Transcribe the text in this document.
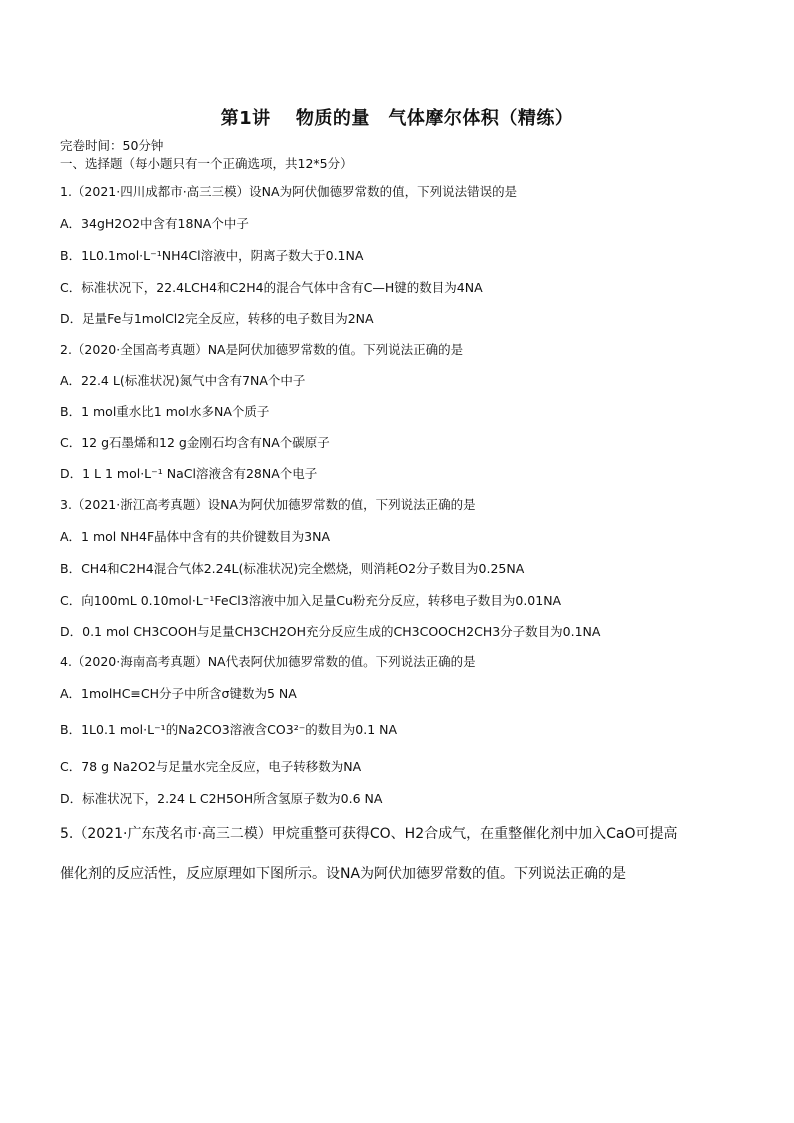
第1讲　 物质的量　气体摩尔体积（精练）
完卷时间：50分钟
一、选择题（每小题只有一个正确选项，共12*5分）
1.（2021·四川成都市·高三三模）设NA为阿伏伽德罗常数的值，下列说法错误的是
A．34gH2O2中含有18NA个中子
B．1L0.1mol·L⁻¹NH4Cl溶液中，阴离子数大于0.1NA
C．标准状况下，22.4LCH4和C2H4的混合气体中含有C—H键的数目为4NA
D．足量Fe与1molCl2完全反应，转移的电子数目为2NA
2.（2020·全国高考真题）NA是阿伏加德罗常数的值。下列说法正确的是
A．22.4 L(标准状况)氮气中含有7NA个中子
B．1 mol重水比1 mol水多NA个质子
C．12 g石墨烯和12 g金刚石均含有NA个碳原子
D．1 L 1 mol·L⁻¹ NaCl溶液含有28NA个电子
3.（2021·浙江高考真题）设NA为阿伏加德罗常数的值，下列说法正确的是
A．1 mol NH4F晶体中含有的共价键数目为3NA
B．CH4和C2H4混合气体2.24L(标准状况)完全燃烧，则消耗O2分子数目为0.25NA
C．向100mL 0.10mol·L⁻¹FeCl3溶液中加入足量Cu粉充分反应，转移电子数目为0.01NA
D．0.1 mol CH3COOH与足量CH3CH2OH充分反应生成的CH3COOCH2CH3分子数目为0.1NA
4.（2020·海南高考真题）NA代表阿伏加德罗常数的值。下列说法正确的是
A．1molHC≡CH分子中所含σ键数为5 NA
B．1L0.1 mol·L⁻¹的Na2CO3溶液含CO3²⁻的数目为0.1 NA
C．78 g Na2O2与足量水完全反应，电子转移数为NA
D．标准状况下，2.24 L C2H5OH所含氢原子数为0.6 NA
5.（2021·广东茂名市·高三二模）甲烷重整可获得CO、H2合成气，在重整催化剂中加入CaO可提高
催化剂的反应活性，反应原理如下图所示。设NA为阿伏加德罗常数的值。下列说法正确的是
